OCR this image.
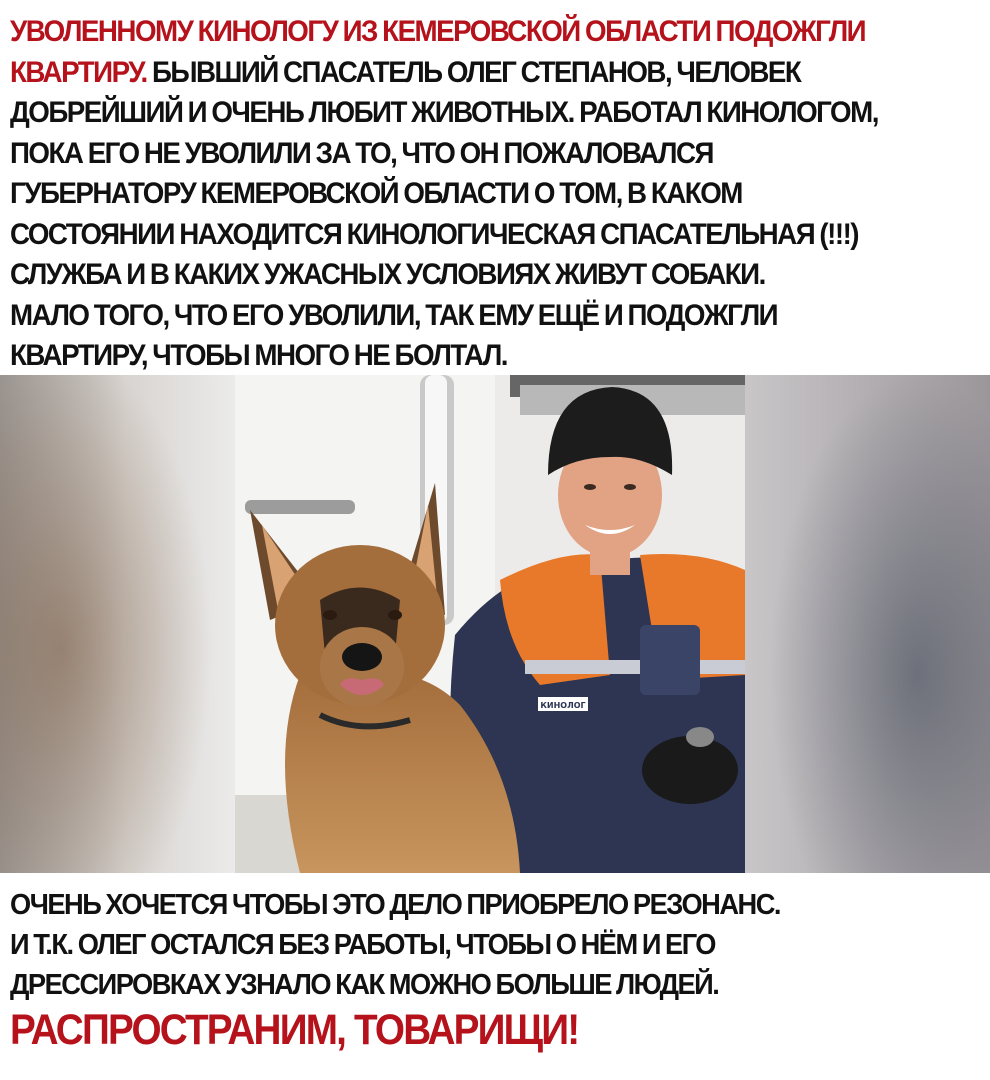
УВОЛЕННОМУ КИНОЛОГУ ИЗ КЕМЕРОВСКОЙ ОБЛАСТИ ПОДОЖГЛИ
КВАРТИРУ. БЫВШИЙ СПАСАТЕЛЬ ОЛЕГ СТЕПАНОВ, ЧЕЛОВЕК
ДОБРЕЙШИЙ И ОЧЕНЬ ЛЮБИТ ЖИВОТНЫХ. РАБОТАЛ КИНОЛОГОМ,
ПОКА ЕГО НЕ УВОЛИЛИ ЗА ТО, ЧТО ОН ПОЖАЛОВАЛСЯ
ГУБЕРНАТОРУ КЕМЕРОВСКОЙ ОБЛАСТИ О ТОМ, В КАКОМ
СОСТОЯНИИ НАХОДИТСЯ КИНОЛОГИЧЕСКАЯ СПАСАТЕЛЬНАЯ (!!!)
СЛУЖБА И В КАКИХ УЖАСНЫХ УСЛОВИЯХ ЖИВУТ СОБАКИ.
МАЛО ТОГО, ЧТО ЕГО УВОЛИЛИ, ТАК ЕМУ ЕЩЁ И ПОДОЖГЛИ
КВАРТИРУ, ЧТОБЫ МНОГО НЕ БОЛТАЛ.
КИНОЛОГ
ОЧЕНЬ ХОЧЕТСЯ ЧТОБЫ ЭТО ДЕЛО ПРИОБРЕЛО РЕЗОНАНС.
И Т.К. ОЛЕГ ОСТАЛСЯ БЕЗ РАБОТЫ, ЧТОБЫ О НЁМ И ЕГО
ДРЕССИРОВКАХ УЗНАЛО КАК МОЖНО БОЛЬШЕ ЛЮДЕЙ.
РАСПРОСТРАНИМ, ТОВАРИЩИ!
